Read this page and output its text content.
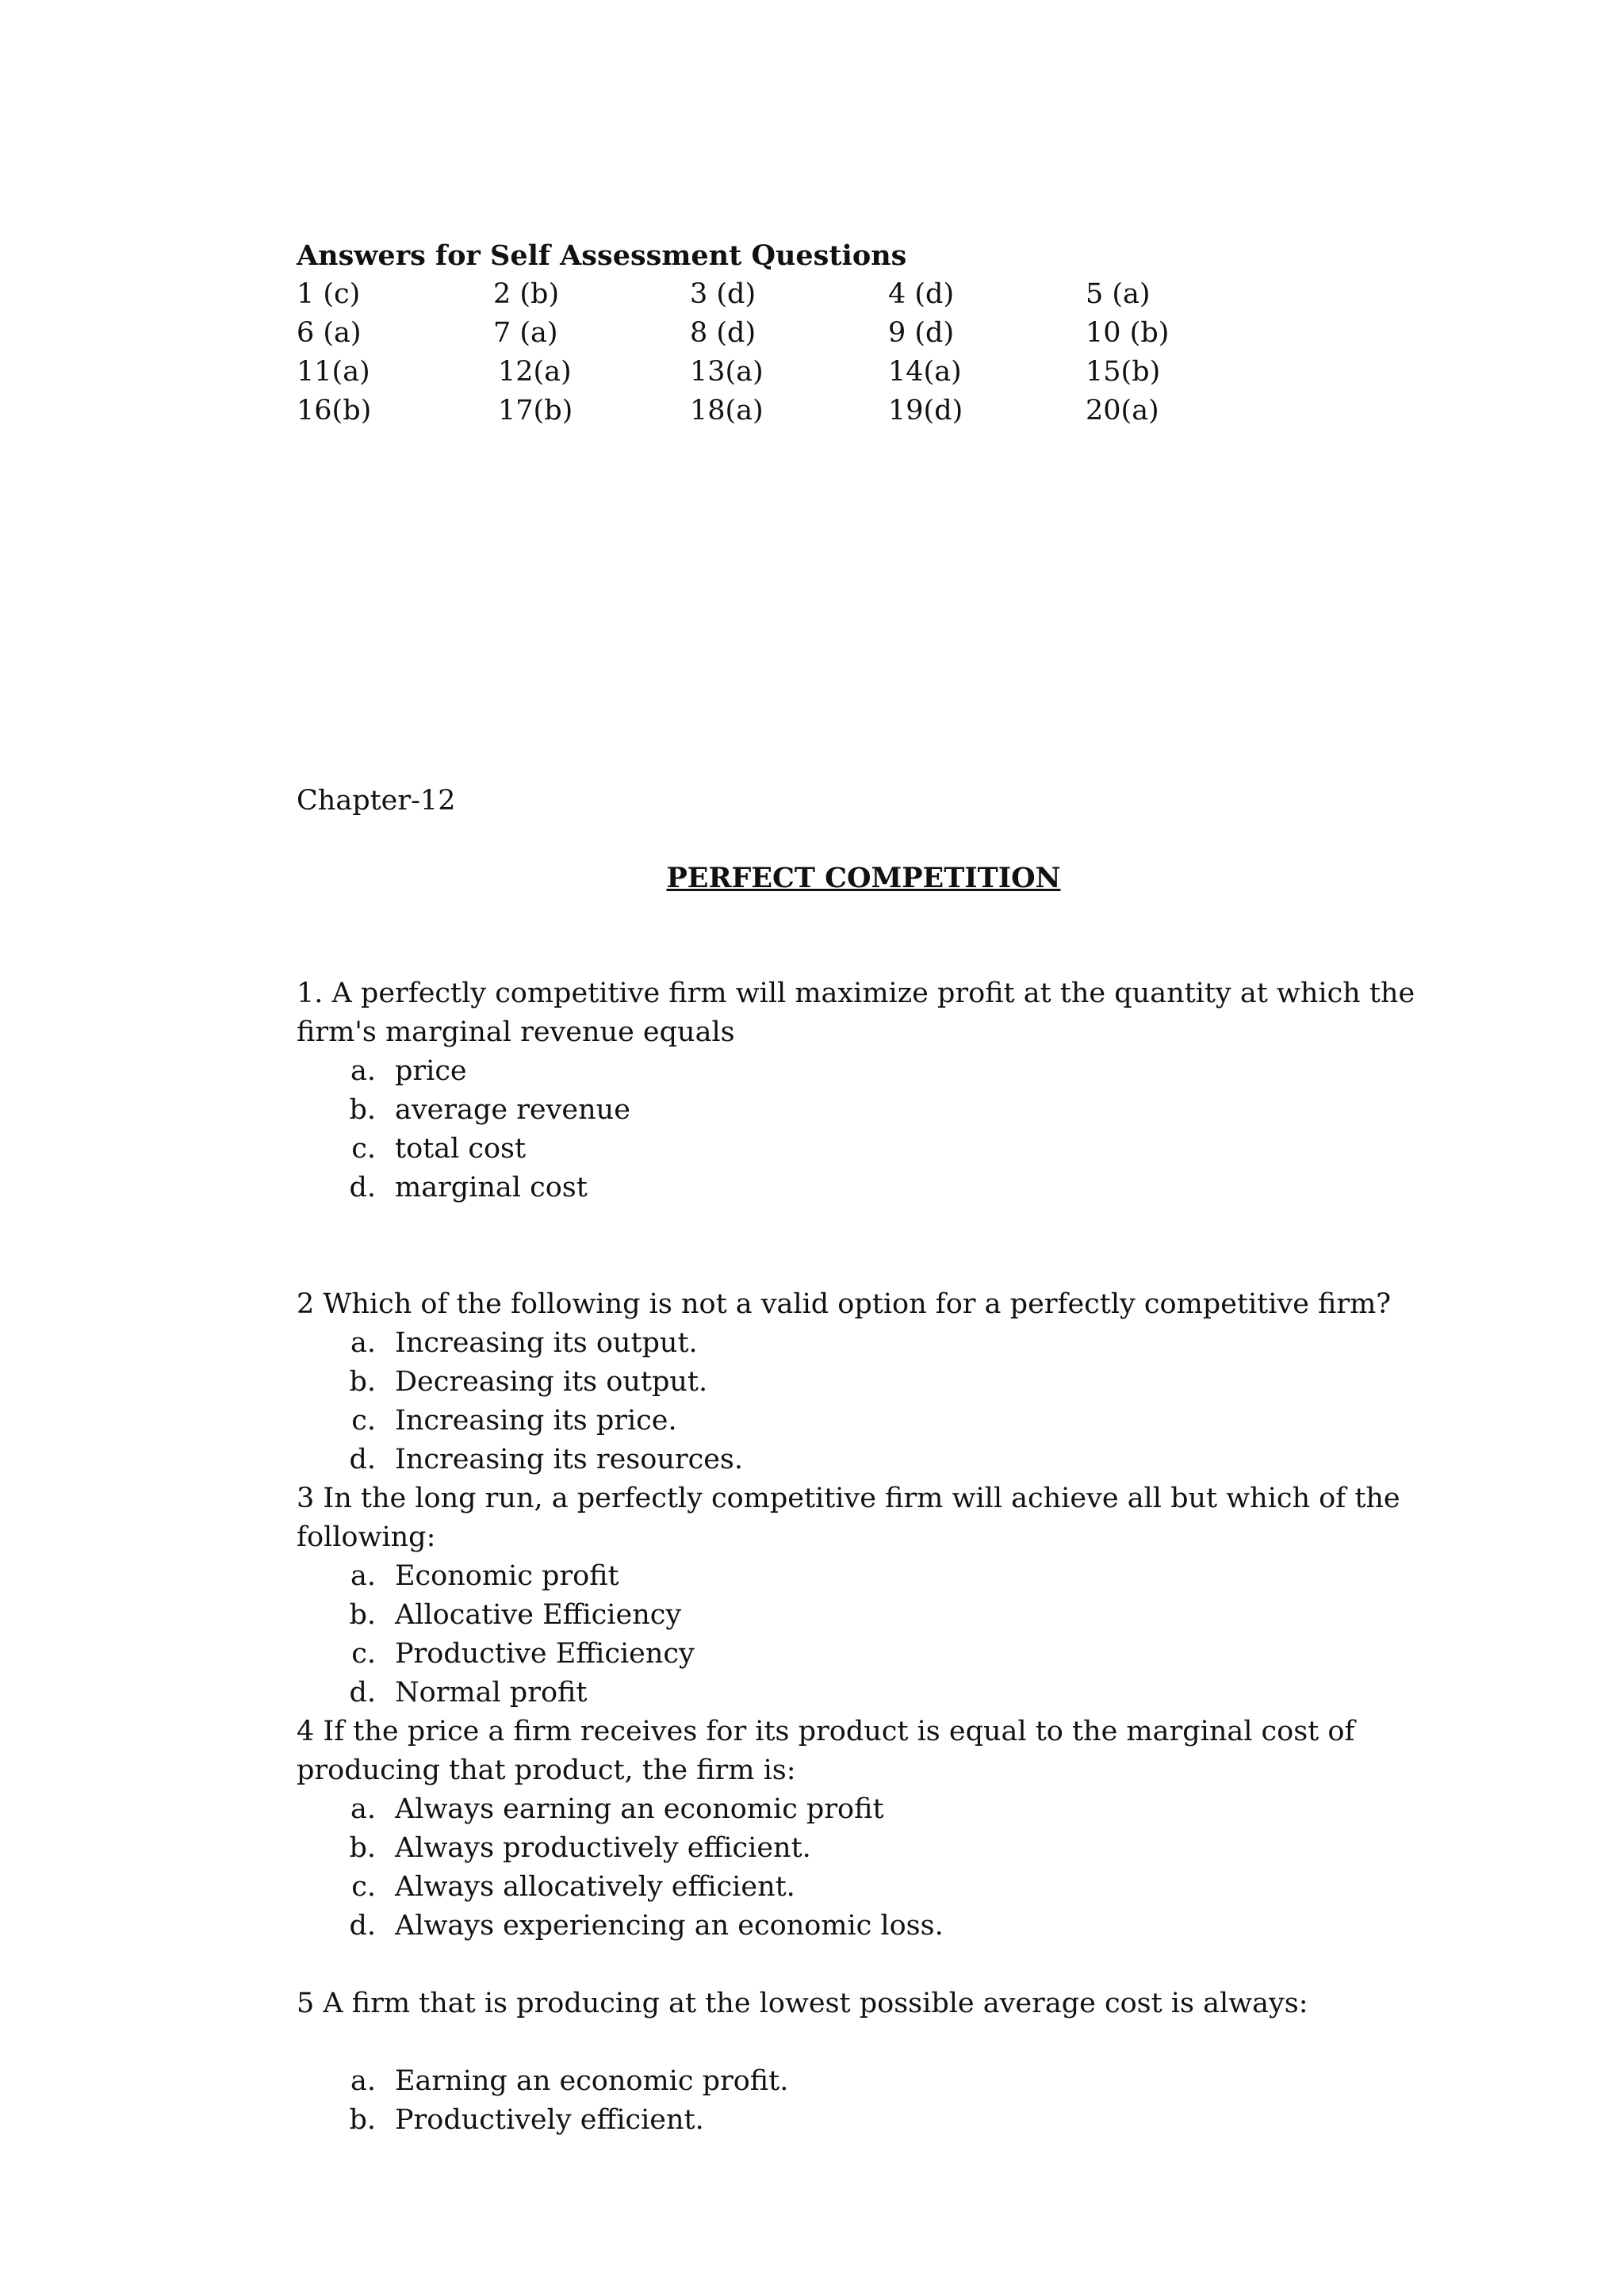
Answers for Self Assessment Questions
1 (c)	2 (b)	3 (d)	4 (d)	5 (a)
6 (a)	7 (a)	8 (d)	9 (d)	10 (b)
11(a)	12(a)	13(a)	14(a)	15(b)
16(b)	17(b)	18(a)	19(d)	20(a)
Chapter-12
PERFECT COMPETITION

1. A perfectly competitive firm will maximize profit at the quantity at which the firm's marginal revenue equals

a. price
b. average revenue
c. total cost
d. marginal cost

2 Which of the following is not a valid option for a perfectly competitive firm?

a. Increasing its output.
b. Decreasing its output.
c. Increasing its price.
d. Increasing its resources.

3 In the long run, a perfectly competitive firm will achieve all but which of the following:

a. Economic profit
b. Allocative Efficiency
c. Productive Efficiency
d. Normal profit

4 If the price a firm receives for its product is equal to the marginal cost of producing that product, the firm is:

a. Always earning an economic profit
b. Always productively efficient.
c. Always allocatively efficient.
d. Always experiencing an economic loss.

5 A firm that is producing at the lowest possible average cost is always:

a. Earning an economic profit.
b. Productively efficient.
